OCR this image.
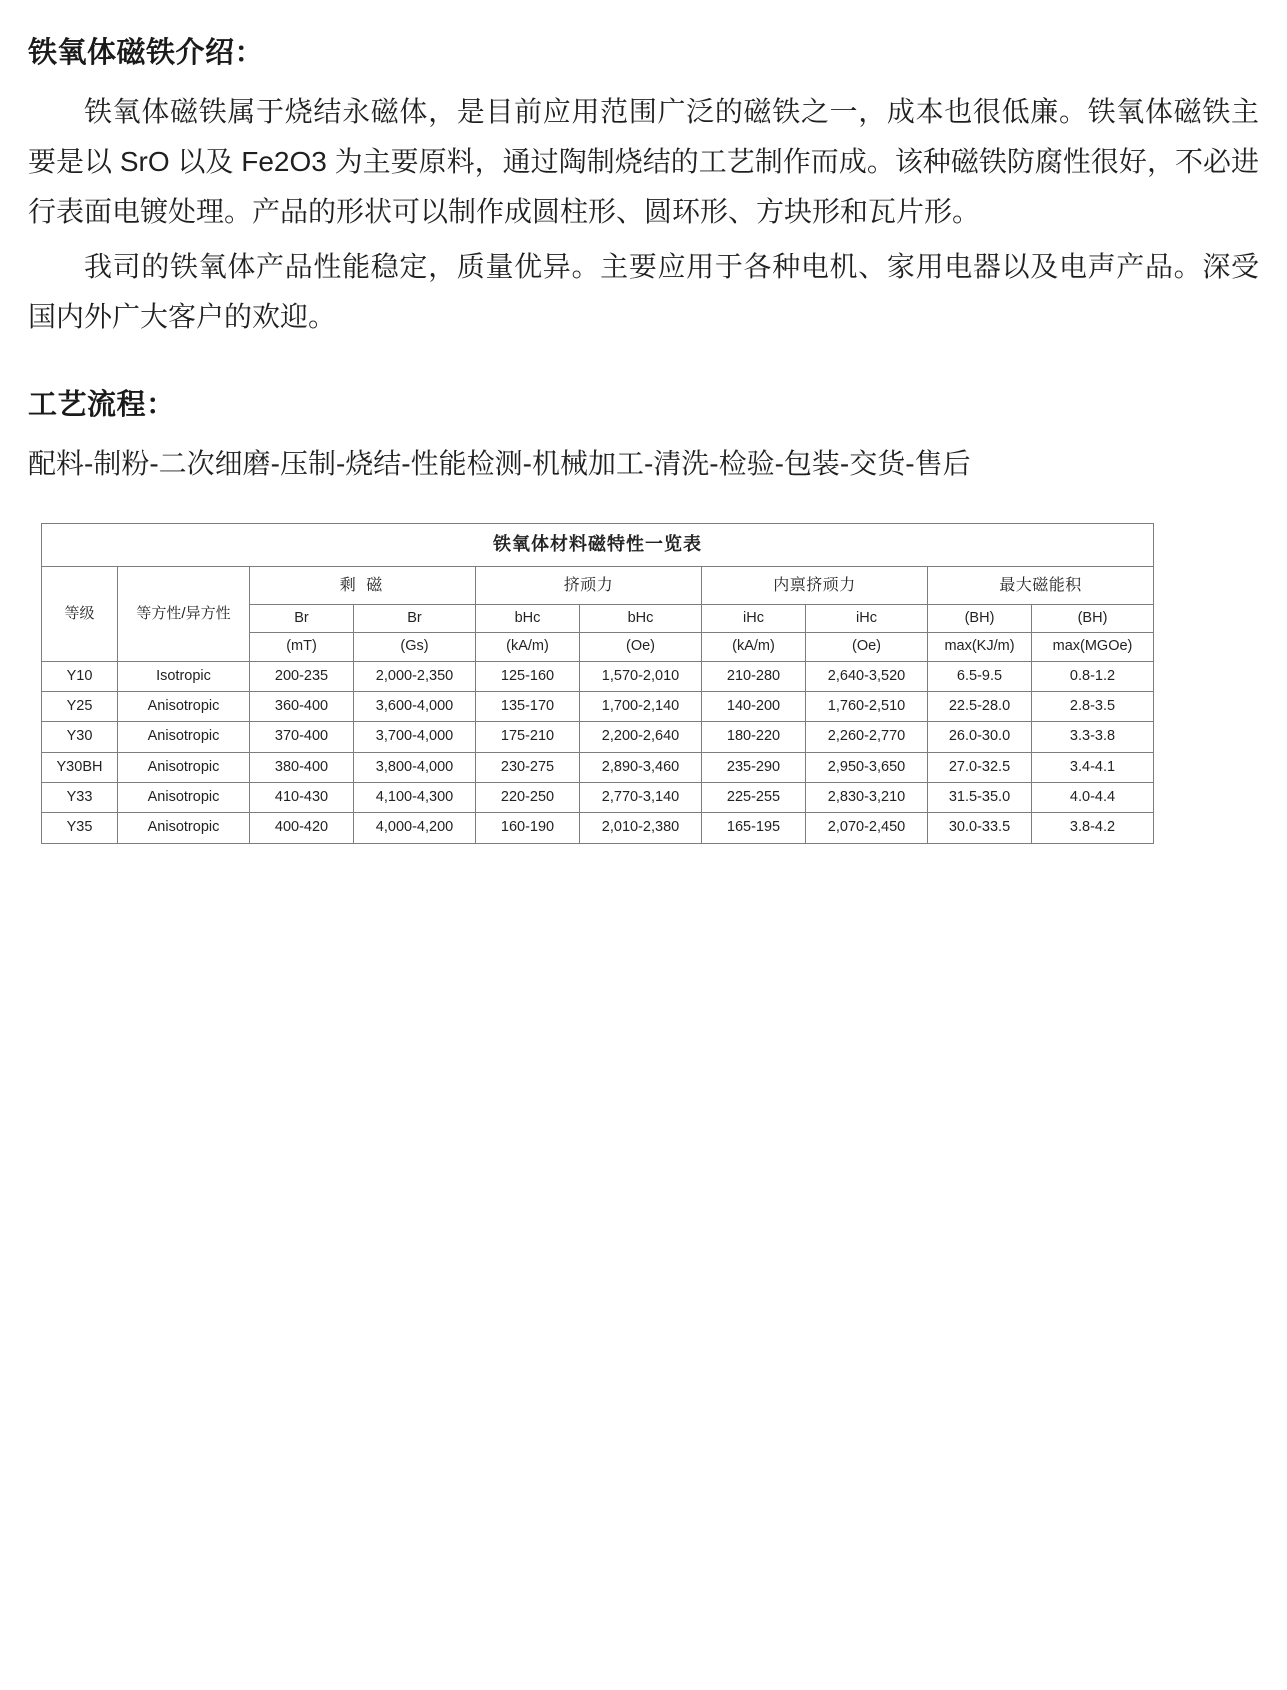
铁氧体磁铁介绍：

铁氧体磁铁属于烧结永磁体，是目前应用范围广泛的磁铁之一，成本也很低廉。铁氧体磁铁主要是以 SrO 以及 Fe2O3 为主要原料，通过陶制烧结的工艺制作而成。该种磁铁防腐性很好，不必进行表面电镀处理。产品的形状可以制作成圆柱形、圆环形、方块形和瓦片形。

我司的铁氧体产品性能稳定，质量优异。主要应用于各种电机、家用电器以及电声产品。深受国内外广大客户的欢迎。

工艺流程：

配料-制粉-二次细磨-压制-烧结-性能检测-机械加工-清洗-检验-包装-交货-售后

铁氧体材料磁特性一览表									
等级	等方性/异方性	剩 磁		挤顽力		内禀挤顽力		最大磁能积	
		Br	Br	bHc	bHc	iHc	iHc	(BH)	(BH)
		(mT)	(Gs)	(kA/m)	(Oe)	(kA/m)	(Oe)	max(KJ/m)	max(MGOe)
Y10	Isotropic	200-235	2,000-2,350	125-160	1,570-2,010	210-280	2,640-3,520	6.5-9.5	0.8-1.2
Y25	Anisotropic	360-400	3,600-4,000	135-170	1,700-2,140	140-200	1,760-2,510	22.5-28.0	2.8-3.5
Y30	Anisotropic	370-400	3,700-4,000	175-210	2,200-2,640	180-220	2,260-2,770	26.0-30.0	3.3-3.8
Y30BH	Anisotropic	380-400	3,800-4,000	230-275	2,890-3,460	235-290	2,950-3,650	27.0-32.5	3.4-4.1
Y33	Anisotropic	410-430	4,100-4,300	220-250	2,770-3,140	225-255	2,830-3,210	31.5-35.0	4.0-4.4
Y35	Anisotropic	400-420	4,000-4,200	160-190	2,010-2,380	165-195	2,070-2,450	30.0-33.5	3.8-4.2
